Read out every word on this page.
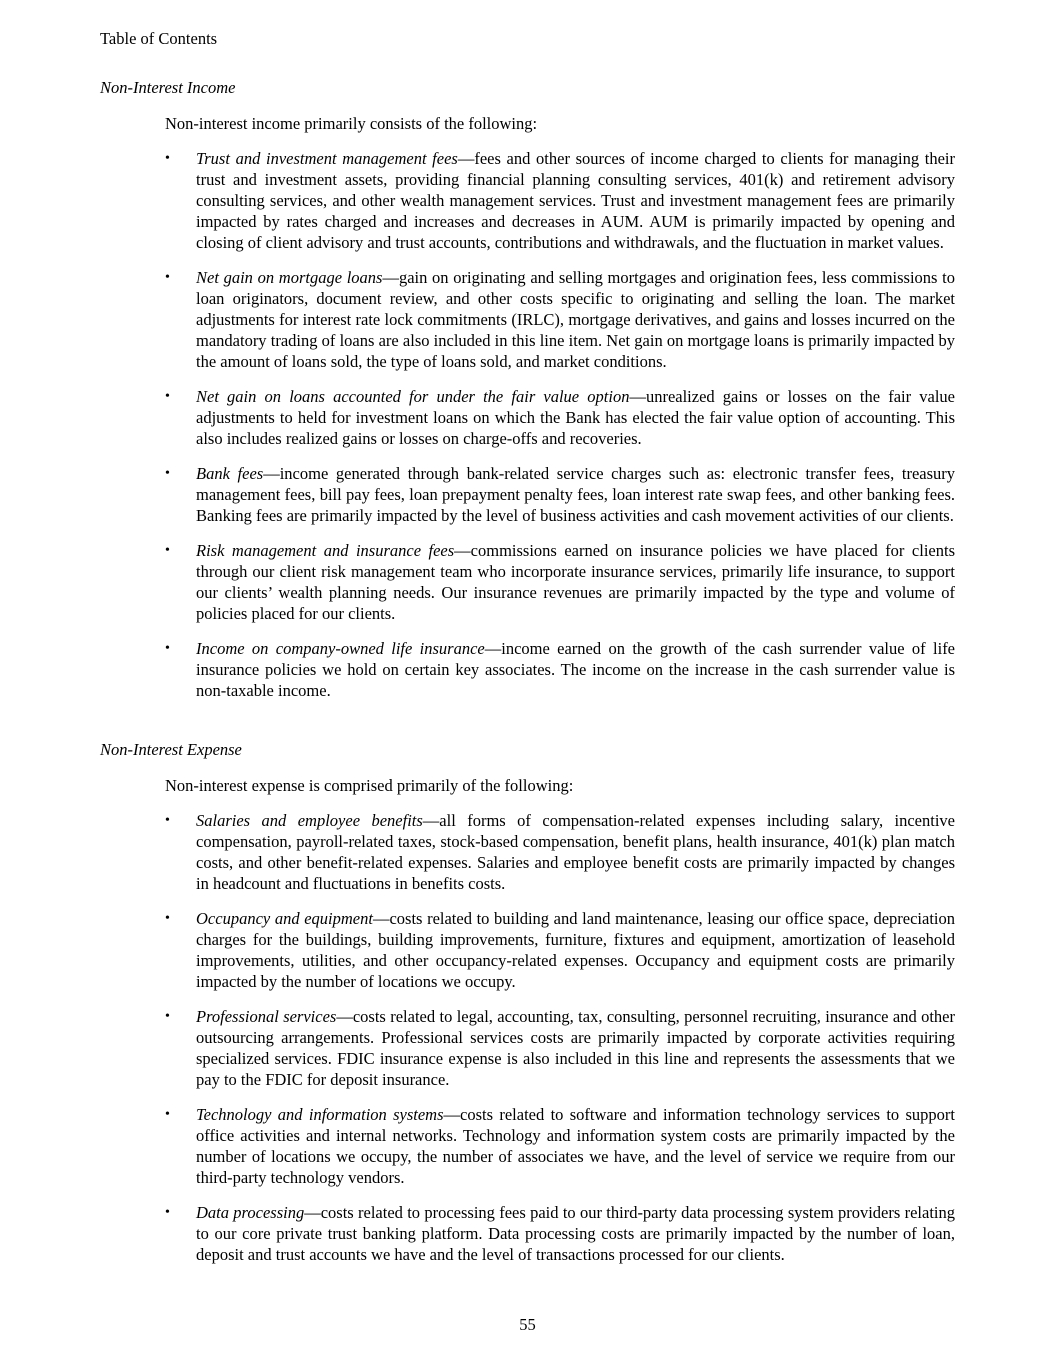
Table of Contents
Non-Interest Income
Non-interest income primarily consists of the following:
•	Trust and investment management fees—fees and other sources of income charged to clients for managing their trust and investment assets, providing financial planning consulting services, 401(k) and retirement advisory consulting services, and other wealth management services. Trust and investment management fees are primarily impacted by rates charged and increases and decreases in AUM. AUM is primarily impacted by opening and closing of client advisory and trust accounts, contributions and withdrawals, and the fluctuation in market values.
•	Net gain on mortgage loans—gain on originating and selling mortgages and origination fees, less commissions to loan originators, document review, and other costs specific to originating and selling the loan. The market adjustments for interest rate lock commitments (IRLC), mortgage derivatives, and gains and losses incurred on the mandatory trading of loans are also included in this line item. Net gain on mortgage loans is primarily impacted by the amount of loans sold, the type of loans sold, and market conditions.
•	Net gain on loans accounted for under the fair value option—unrealized gains or losses on the fair value adjustments to held for investment loans on which the Bank has elected the fair value option of accounting. This also includes realized gains or losses on charge-offs and recoveries.
•	Bank fees—income generated through bank-related service charges such as: electronic transfer fees, treasury management fees, bill pay fees, loan prepayment penalty fees, loan interest rate swap fees, and other banking fees. Banking fees are primarily impacted by the level of business activities and cash movement activities of our clients.
•	Risk management and insurance fees—commissions earned on insurance policies we have placed for clients through our client risk management team who incorporate insurance services, primarily life insurance, to support our clients’ wealth planning needs. Our insurance revenues are primarily impacted by the type and volume of policies placed for our clients.
•	Income on company-owned life insurance—income earned on the growth of the cash surrender value of life insurance policies we hold on certain key associates. The income on the increase in the cash surrender value is non-taxable income.
Non-Interest Expense
Non-interest expense is comprised primarily of the following:
•	Salaries and employee benefits—all forms of compensation-related expenses including salary, incentive compensation, payroll-related taxes, stock-based compensation, benefit plans, health insurance, 401(k) plan match costs, and other benefit-related expenses. Salaries and employee benefit costs are primarily impacted by changes in headcount and fluctuations in benefits costs.
•	Occupancy and equipment—costs related to building and land maintenance, leasing our office space, depreciation charges for the buildings, building improvements, furniture, fixtures and equipment, amortization of leasehold improvements, utilities, and other occupancy-related expenses. Occupancy and equipment costs are primarily impacted by the number of locations we occupy.
•	Professional services—costs related to legal, accounting, tax, consulting, personnel recruiting, insurance and other outsourcing arrangements. Professional services costs are primarily impacted by corporate activities requiring specialized services. FDIC insurance expense is also included in this line and represents the assessments that we pay to the FDIC for deposit insurance.
•	Technology and information systems—costs related to software and information technology services to support office activities and internal networks. Technology and information system costs are primarily impacted by the number of locations we occupy, the number of associates we have, and the level of service we require from our third-party technology vendors.
•	Data processing—costs related to processing fees paid to our third-party data processing system providers relating to our core private trust banking platform. Data processing costs are primarily impacted by the number of loan, deposit and trust accounts we have and the level of transactions processed for our clients.
55
